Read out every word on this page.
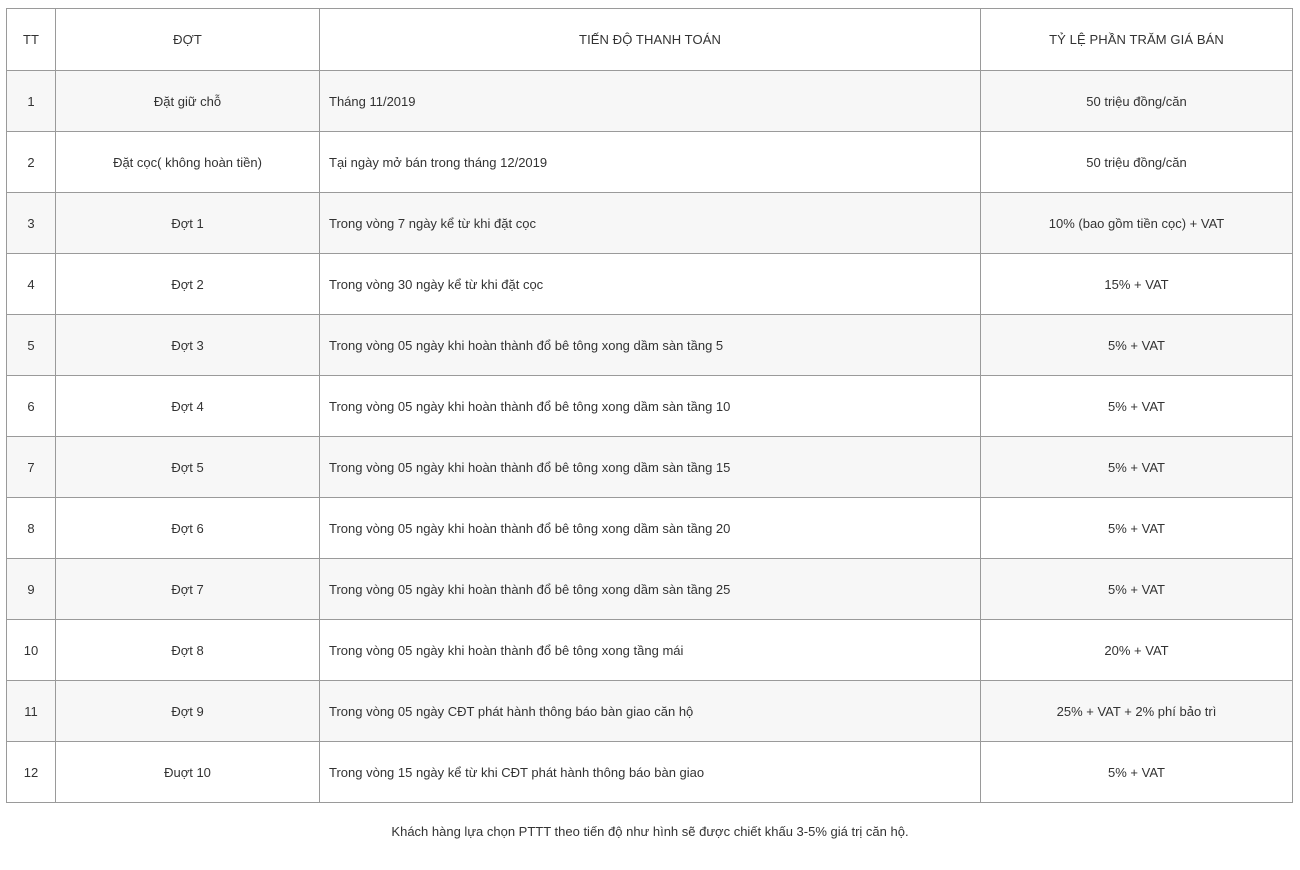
TT	ĐỢT	TIẾN ĐỘ THANH TOÁN	TỶ LỆ PHẦN TRĂM GIÁ BÁN
1	Đặt giữ chỗ	Tháng 11/2019	50 triệu đồng/căn
2	Đặt cọc( không hoàn tiền)	Tại ngày mở bán trong tháng 12/2019	50 triệu đồng/căn
3	Đợt 1	Trong vòng 7 ngày kể từ khi đặt cọc	10% (bao gồm tiền cọc) + VAT
4	Đợt 2	Trong vòng 30 ngày kể từ khi đặt cọc	15% + VAT
5	Đợt 3	Trong vòng 05 ngày khi hoàn thành đổ bê tông xong dầm sàn tầng 5	5% + VAT
6	Đợt 4	Trong vòng 05 ngày khi hoàn thành đổ bê tông xong dầm sàn tầng 10	5% + VAT
7	Đợt 5	Trong vòng 05 ngày khi hoàn thành đổ bê tông xong dầm sàn tầng 15	5% + VAT
8	Đợt 6	Trong vòng 05 ngày khi hoàn thành đổ bê tông xong dầm sàn tầng 20	5% + VAT
9	Đợt 7	Trong vòng 05 ngày khi hoàn thành đổ bê tông xong dầm sàn tầng 25	5% + VAT
10	Đợt 8	Trong vòng 05 ngày khi hoàn thành đổ bê tông xong tầng mái	20% + VAT
11	Đợt 9	Trong vòng 05 ngày CĐT phát hành thông báo bàn giao căn hộ	25% + VAT + 2% phí bảo trì
12	Đuợt 10	Trong vòng 15 ngày kể từ khi CĐT phát hành thông báo bàn giao	5% + VAT
Khách hàng lựa chọn PTTT theo tiến độ như hình sẽ được chiết khấu 3-5% giá trị căn hộ.
